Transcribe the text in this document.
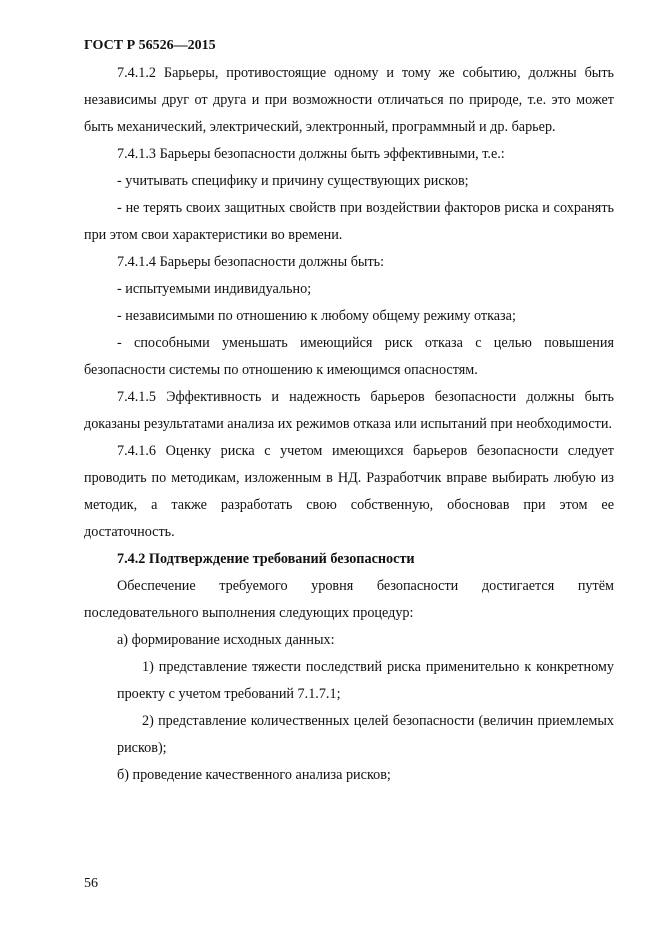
ГОСТ Р 56526—2015

7.4.1.2 Барьеры, противостоящие одному и тому же событию, должны быть независимы друг от друга и при возможности отличаться по природе, т.е. это может быть механический, электрический, электронный, программный и др. барьер.

7.4.1.3 Барьеры безопасности должны быть эффективными, т.е.:

- учитывать специфику и причину существующих рисков;

- не терять своих защитных свойств при воздействии факторов риска и сохранять при этом свои характеристики во времени.

7.4.1.4 Барьеры безопасности должны быть:

- испытуемыми индивидуально;

- независимыми по отношению к любому общему режиму отказа;

- способными уменьшать имеющийся риск отказа с целью повышения безопасности системы по отношению к имеющимся опасностям.

7.4.1.5 Эффективность и надежность барьеров безопасности должны быть доказаны результатами анализа их режимов отказа или испытаний при необходимости.

7.4.1.6 Оценку риска с учетом имеющихся барьеров безопасности следует проводить по методикам, изложенным в НД. Разработчик вправе выбирать любую из методик, а также разработать свою собственную, обосновав при этом ее достаточность.

7.4.2 Подтверждение требований безопасности

Обеспечение требуемого уровня безопасности достигается путём последовательного выполнения следующих процедур:

а) формирование исходных данных:

1) представление тяжести последствий риска применительно к конкретному проекту с учетом требований 7.1.7.1;

2) представление количественных целей безопасности (величин приемлемых рисков);

б) проведение качественного анализа рисков;

56
